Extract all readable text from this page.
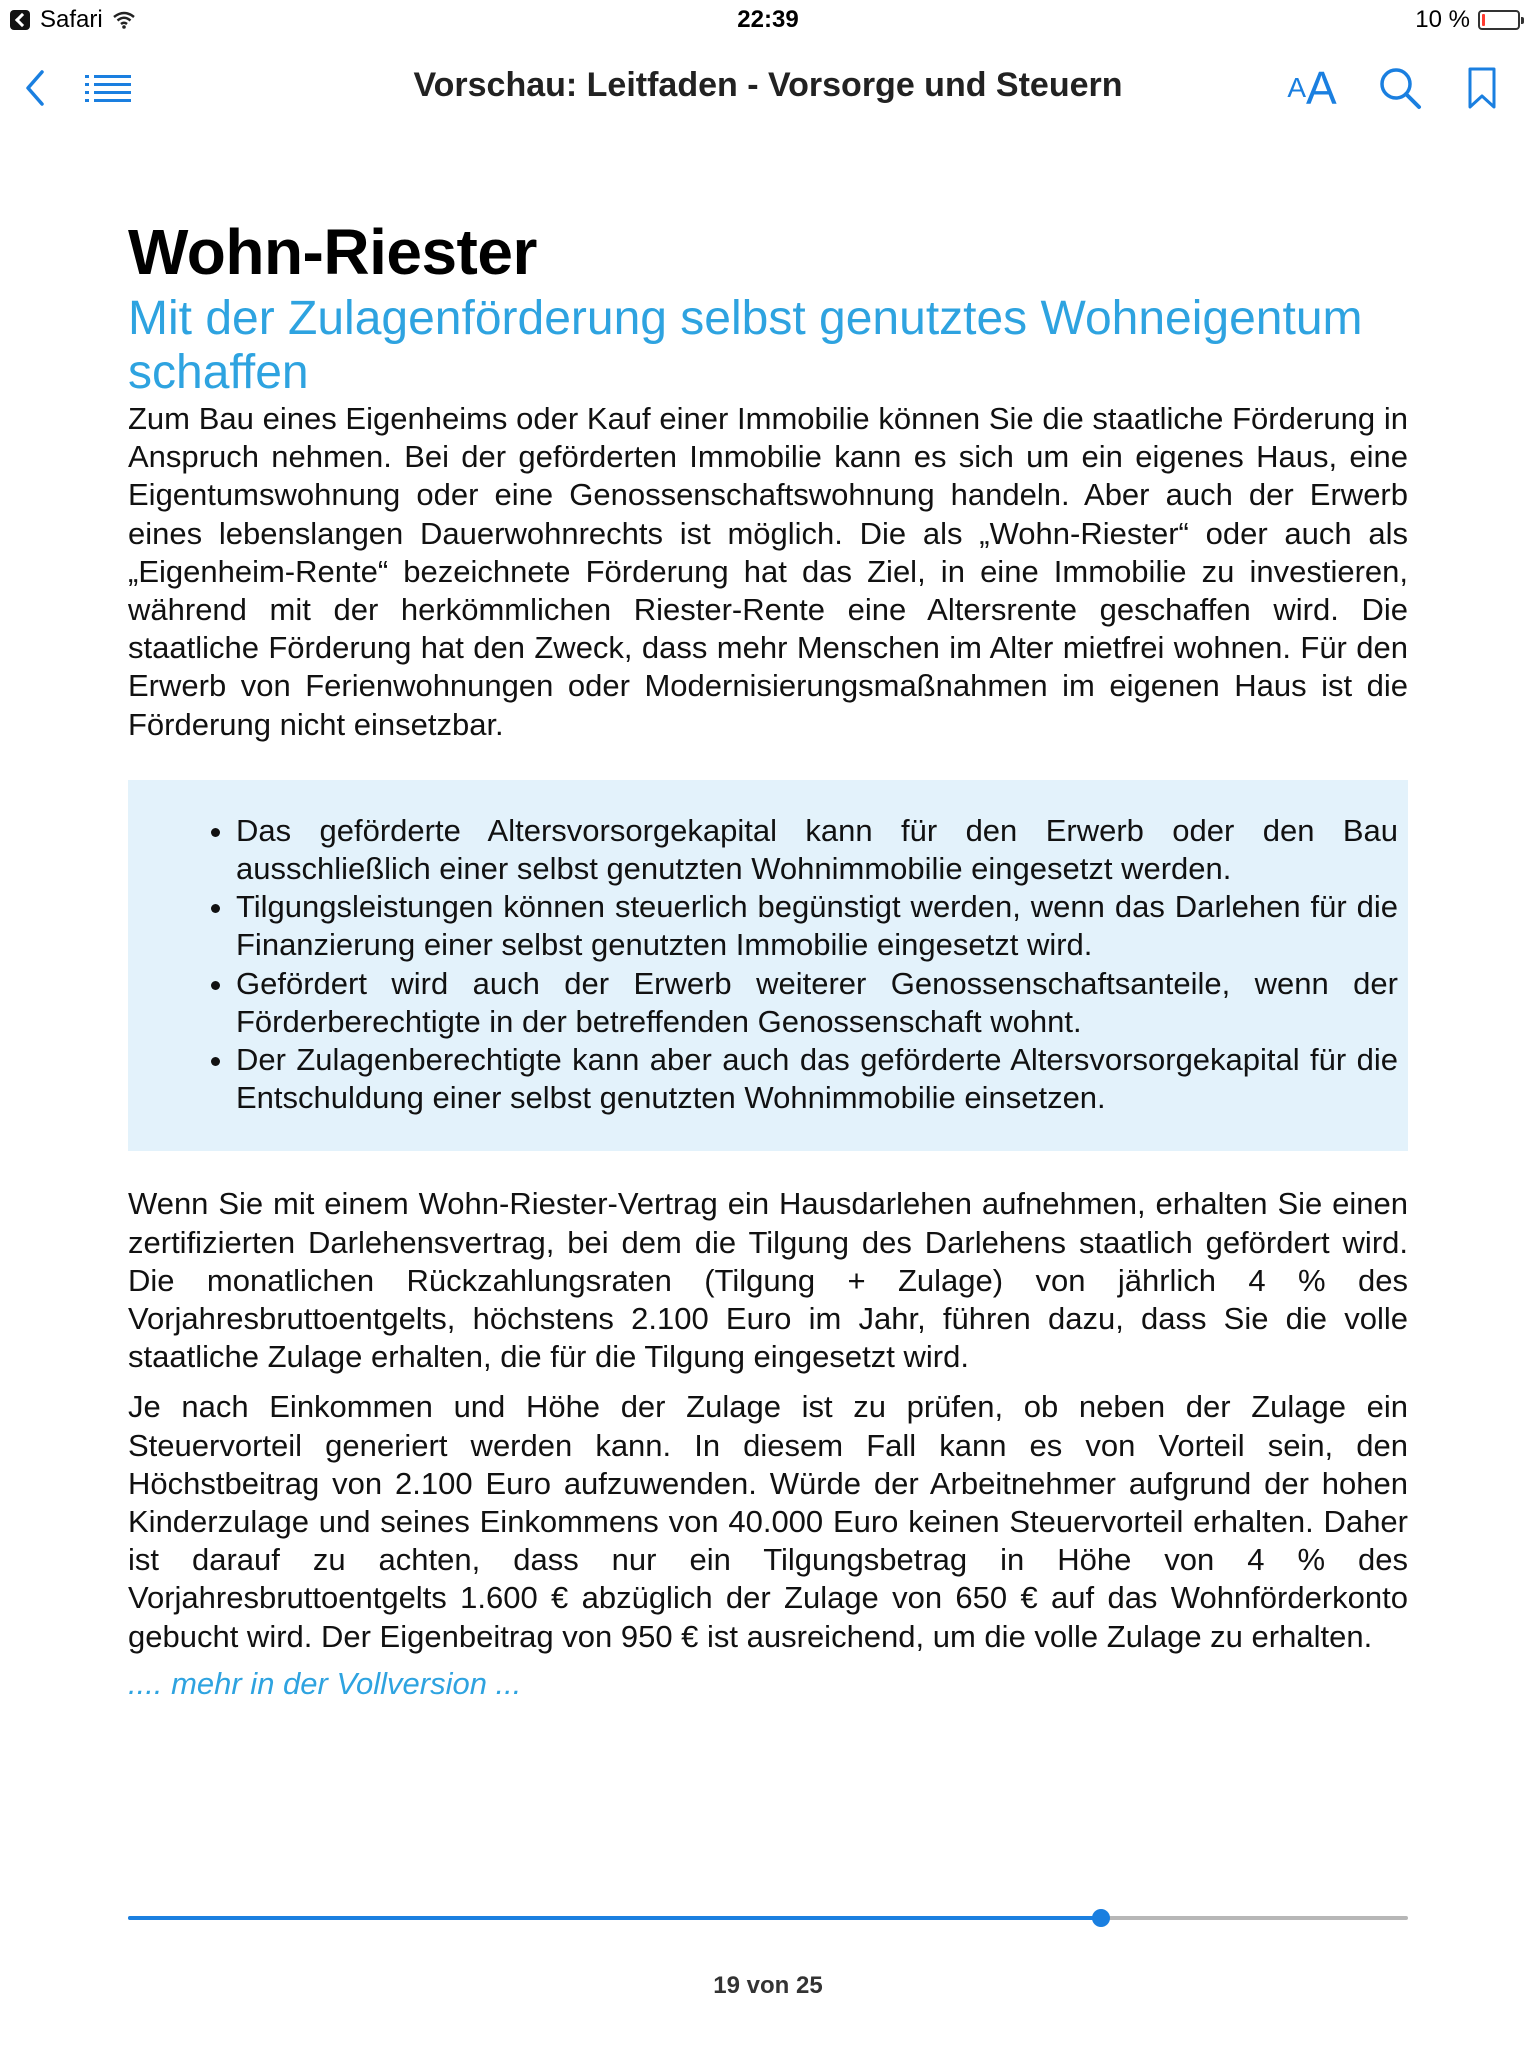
Safari	22:39	10 %
Vorschau: Leitfaden - Vorsorge und Steuern	A A
Wohn-Riester
Mit der Zulagenförderung selbst genutztes Wohneigentum schaffen

Zum Bau eines Eigenheims oder Kauf einer Immobilie können Sie die staatliche Förderung in Anspruch nehmen. Bei der geförderten Immobilie kann es sich um ein eigenes Haus, eine Eigentumswohnung oder eine Genossenschaftswohnung handeln. Aber auch der Erwerb eines lebenslangen Dauerwohnrechts ist möglich. Die als „Wohn-Riester“ oder auch als „Eigenheim-Rente“ bezeichnete Förderung hat das Ziel, in eine Immobilie zu investieren, während mit der herkömmlichen Riester-Rente eine Altersrente geschaffen wird. Die staatliche Förderung hat den Zweck, dass mehr Menschen im Alter mietfrei wohnen. Für den Erwerb von Ferienwohnungen oder Modernisierungsmaßnahmen im eigenen Haus ist die Förderung nicht einsetzbar.

• Das geförderte Altersvorsorgekapital kann für den Erwerb oder den Bau ausschließlich einer selbst genutzten Wohnimmobilie eingesetzt werden.
• Tilgungsleistungen können steuerlich begünstigt werden, wenn das Darlehen für die Finanzierung einer selbst genutzten Immobilie eingesetzt wird.
• Gefördert wird auch der Erwerb weiterer Genossenschaftsanteile, wenn der Förderberechtigte in der betreffenden Genossenschaft wohnt.
• Der Zulagenberechtigte kann aber auch das geförderte Altersvorsorgekapital für die Entschuldung einer selbst genutzten Wohnimmobilie einsetzen.

Wenn Sie mit einem Wohn-Riester-Vertrag ein Hausdarlehen aufnehmen, erhalten Sie einen zertifizierten Darlehensvertrag, bei dem die Tilgung des Darlehens staatlich gefördert wird. Die monatlichen Rückzahlungsraten (Tilgung + Zulage) von jährlich 4 % des Vorjahresbruttoentgelts, höchstens 2.100 Euro im Jahr, führen dazu, dass Sie die volle staatliche Zulage erhalten, die für die Tilgung eingesetzt wird.

Je nach Einkommen und Höhe der Zulage ist zu prüfen, ob neben der Zulage ein Steuervorteil generiert werden kann. In diesem Fall kann es von Vorteil sein, den Höchstbeitrag von 2.100 Euro aufzuwenden. Würde der Arbeitnehmer aufgrund der hohen Kinderzulage und seines Einkommens von 40.000 Euro keinen Steuervorteil erhalten. Daher ist darauf zu achten, dass nur ein Tilgungsbetrag in Höhe von 4 % des Vorjahresbruttoentgelts 1.600 € abzüglich der Zulage von 650 € auf das Wohnförderkonto gebucht wird. Der Eigenbeitrag von 950 € ist ausreichend, um die volle Zulage zu erhalten.

.... mehr in der Vollversion ...
19 von 25
